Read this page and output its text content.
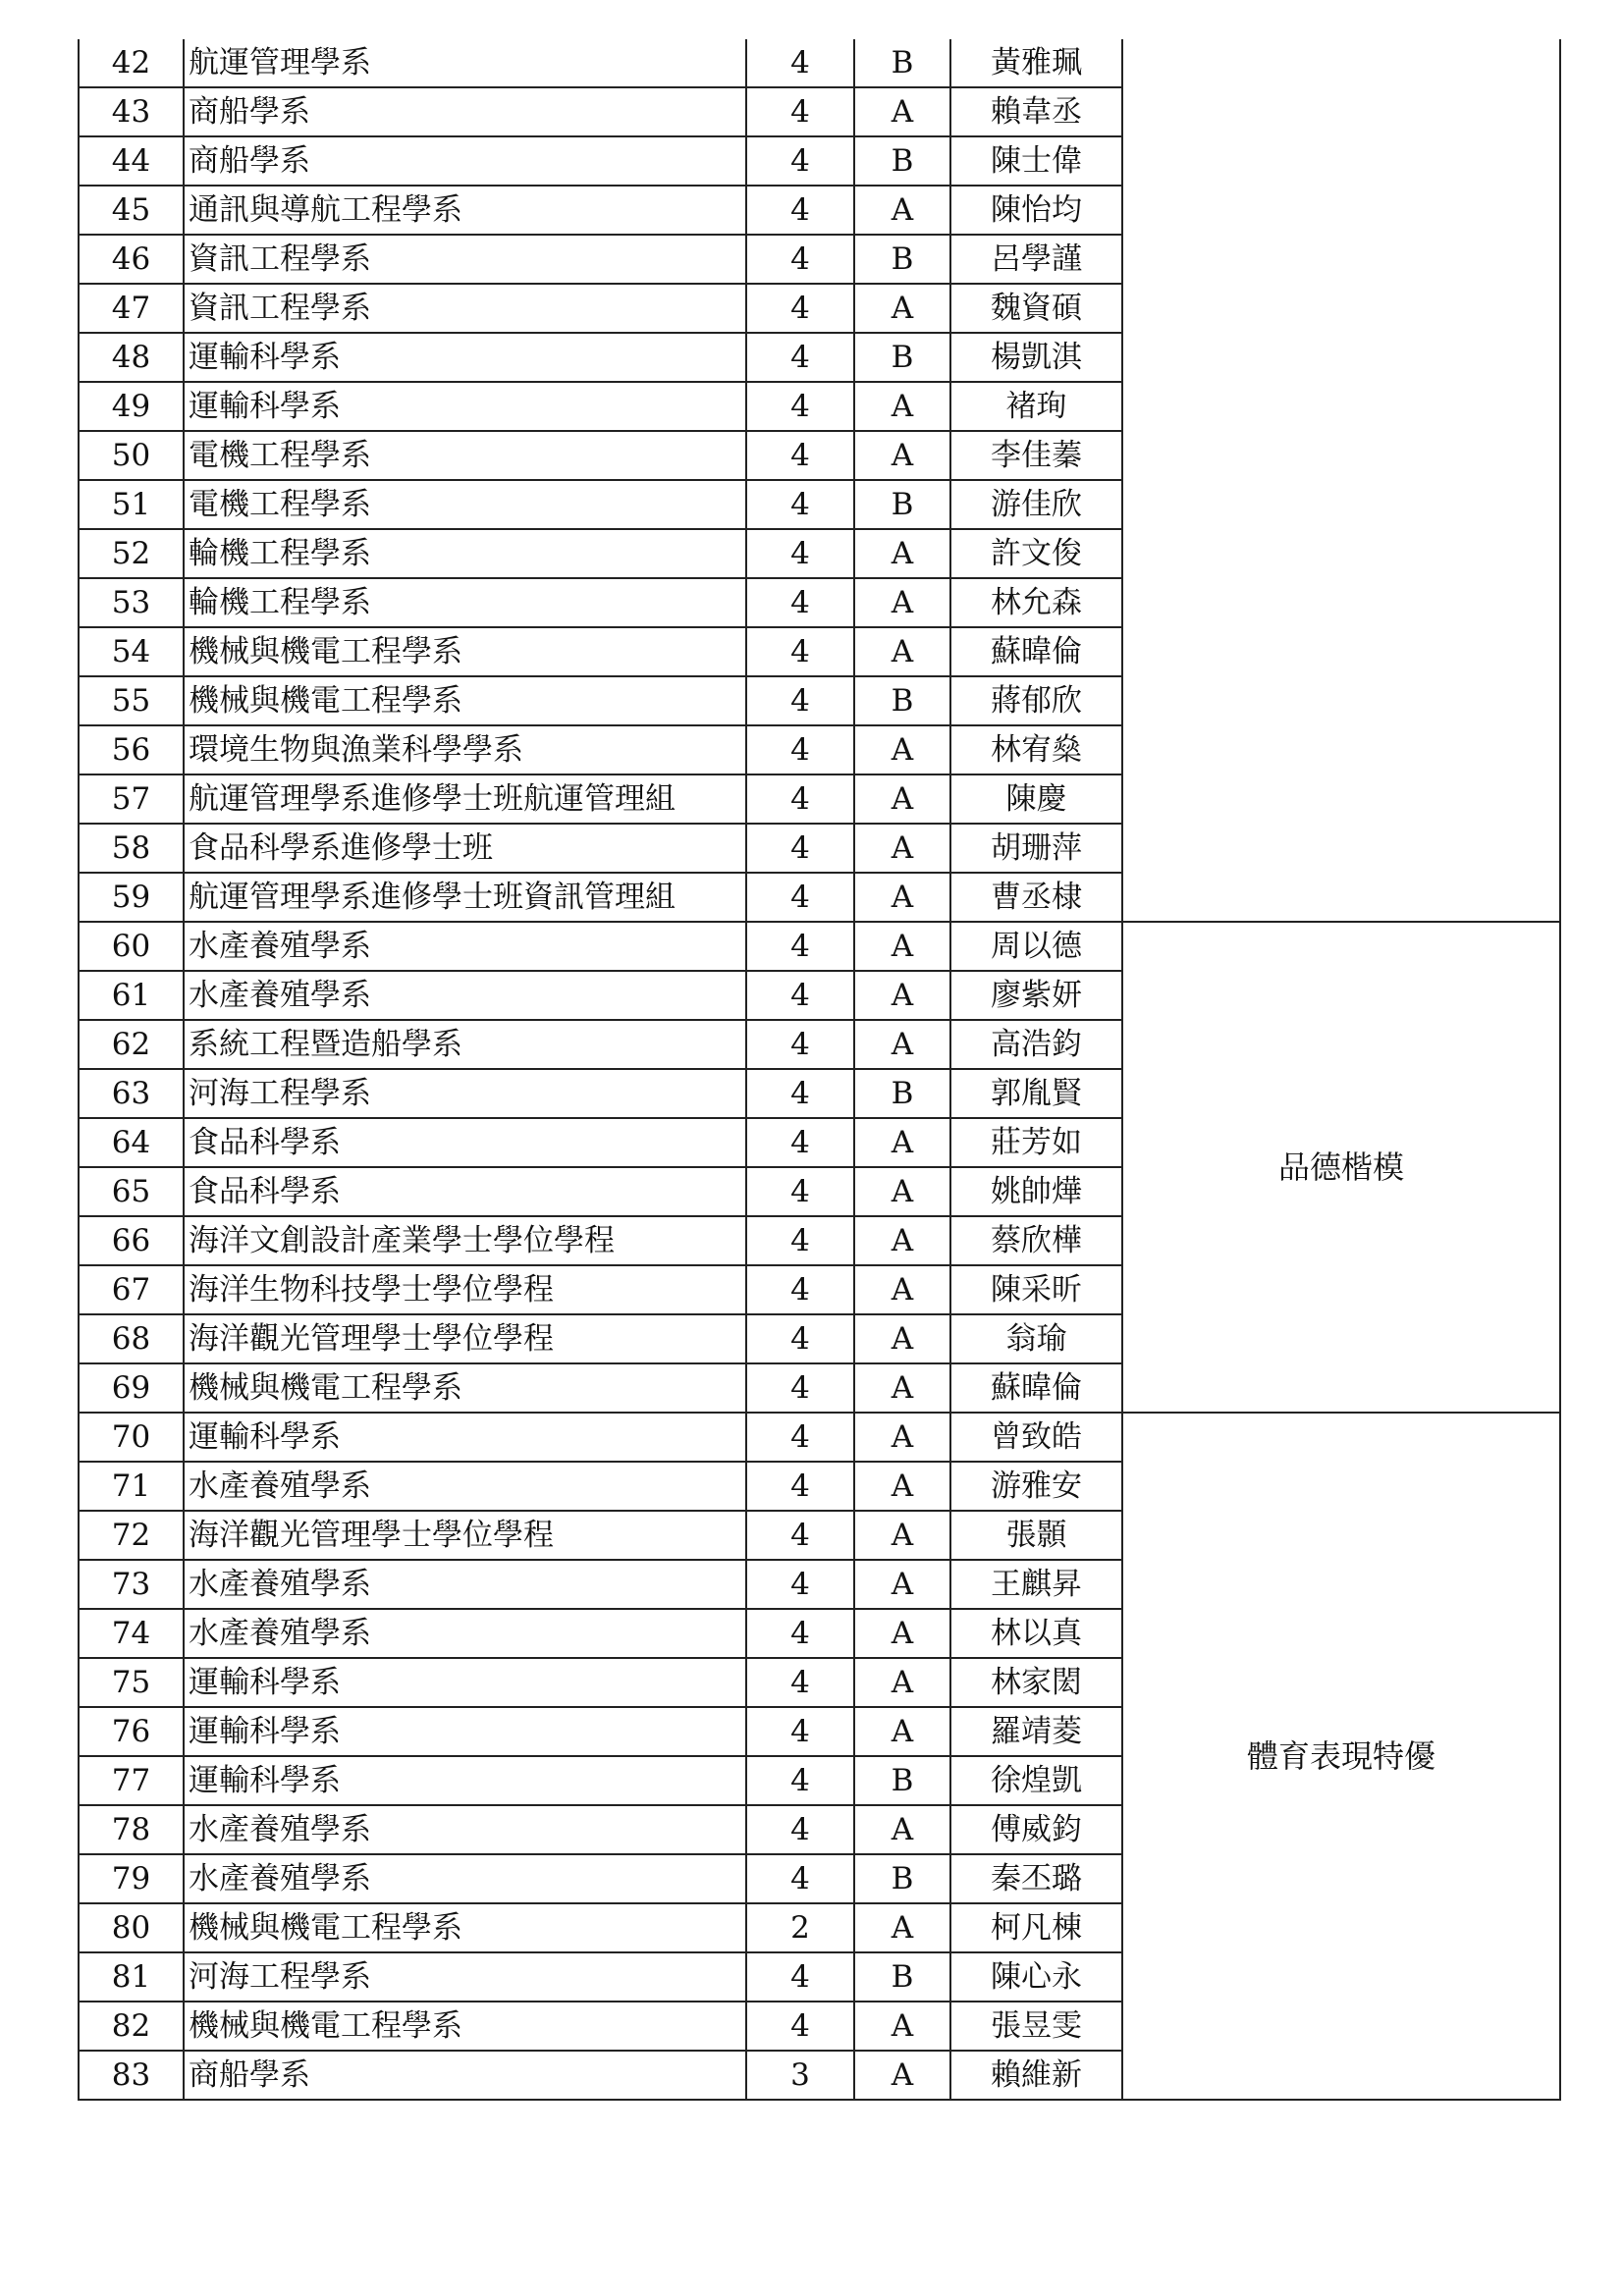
42	航運管理學系	4	B	黃雅珮	
43	商船學系	4	A	賴韋丞	
44	商船學系	4	B	陳士偉	
45	通訊與導航工程學系	4	A	陳怡均	
46	資訊工程學系	4	B	呂學謹	
47	資訊工程學系	4	A	魏資碩	
48	運輸科學系	4	B	楊凱淇	
49	運輸科學系	4	A	褚珣	
50	電機工程學系	4	A	李佳蓁	
51	電機工程學系	4	B	游佳欣	
52	輪機工程學系	4	A	許文俊	
53	輪機工程學系	4	A	林允森	
54	機械與機電工程學系	4	A	蘇暐倫	
55	機械與機電工程學系	4	B	蔣郁欣	
56	環境生物與漁業科學學系	4	A	林宥燊	
57	航運管理學系進修學士班航運管理組	4	A	陳慶	
58	食品科學系進修學士班	4	A	胡珊萍	
59	航運管理學系進修學士班資訊管理組	4	A	曹丞棣	
60	水產養殖學系	4	A	周以德	品德楷模
61	水產養殖學系	4	A	廖紫妍	
62	系統工程暨造船學系	4	A	高浩鈞	
63	河海工程學系	4	B	郭胤賢	
64	食品科學系	4	A	莊芳如	
65	食品科學系	4	A	姚帥燁	
66	海洋文創設計產業學士學位學程	4	A	蔡欣樺	
67	海洋生物科技學士學位學程	4	A	陳采昕	
68	海洋觀光管理學士學位學程	4	A	翁瑜	
69	機械與機電工程學系	4	A	蘇暐倫	
70	運輸科學系	4	A	曾致皓	體育表現特優
71	水產養殖學系	4	A	游雅安	
72	海洋觀光管理學士學位學程	4	A	張顥	
73	水產養殖學系	4	A	王麒昇	
74	水產養殖學系	4	A	林以真	
75	運輸科學系	4	A	林家閎	
76	運輸科學系	4	A	羅靖菱	
77	運輸科學系	4	B	徐煌凱	
78	水產養殖學系	4	A	傅威鈞	
79	水產養殖學系	4	B	秦丕璐	
80	機械與機電工程學系	2	A	柯凡棟	
81	河海工程學系	4	B	陳心永	
82	機械與機電工程學系	4	A	張昱雯	
83	商船學系	3	A	賴維新	
